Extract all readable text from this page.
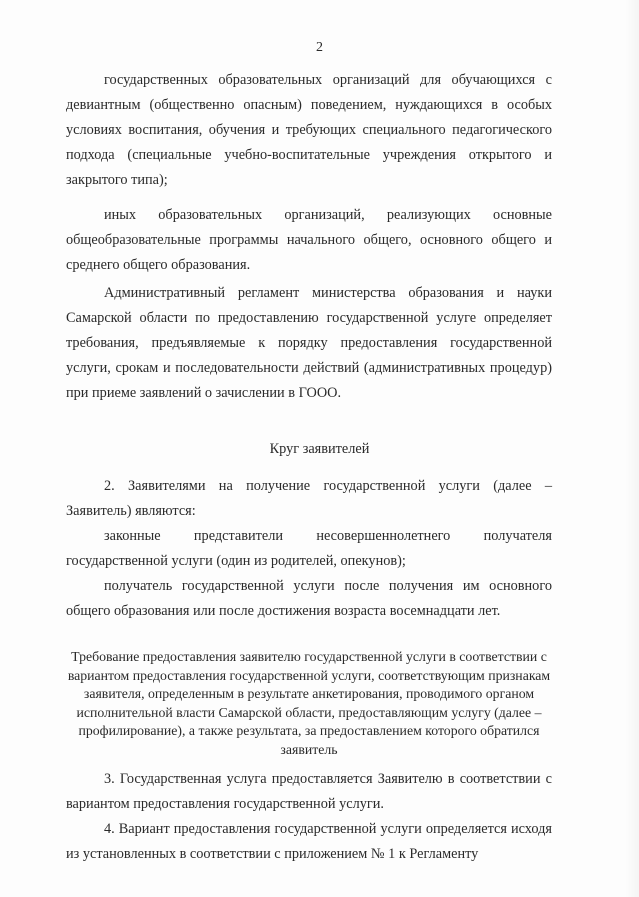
2

государственных образовательных организаций для обучающихся с девиантным (общественно опасным) поведением, нуждающихся в особых условиях воспитания, обучения и требующих специального педагогического подхода (специальные учебно-воспитательные учреждения открытого и закрытого типа);

иных образовательных организаций, реализующих основные общеобразовательные программы начального общего, основного общего и среднего общего образования.

Административный регламент министерства образования и науки Самарской области по предоставлению государственной услуге определяет требования, предъявляемые к порядку предоставления государственной услуги, срокам и последовательности действий (административных процедур) при приеме заявлений о зачислении в ГООО.

Круг заявителей

2. Заявителями на получение государственной услуги (далее – Заявитель) являются:

законные представители несовершеннолетнего получателя государственной услуги (один из родителей, опекунов);

получатель государственной услуги после получения им основного общего образования или после достижения возраста восемнадцати лет.

Требование предоставления заявителю государственной услуги в соответствии с вариантом предоставления государственной услуги, соответствующим признакам заявителя, определенным в результате анкетирования, проводимого органом исполнительной власти Самарской области, предоставляющим услугу (далее – профилирование), а также результата, за предоставлением которого обратился заявитель

3. Государственная услуга предоставляется Заявителю в соответствии с вариантом предоставления государственной услуги.

4. Вариант предоставления государственной услуги определяется исходя из установленных в соответствии с приложением № 1 к Регламенту
